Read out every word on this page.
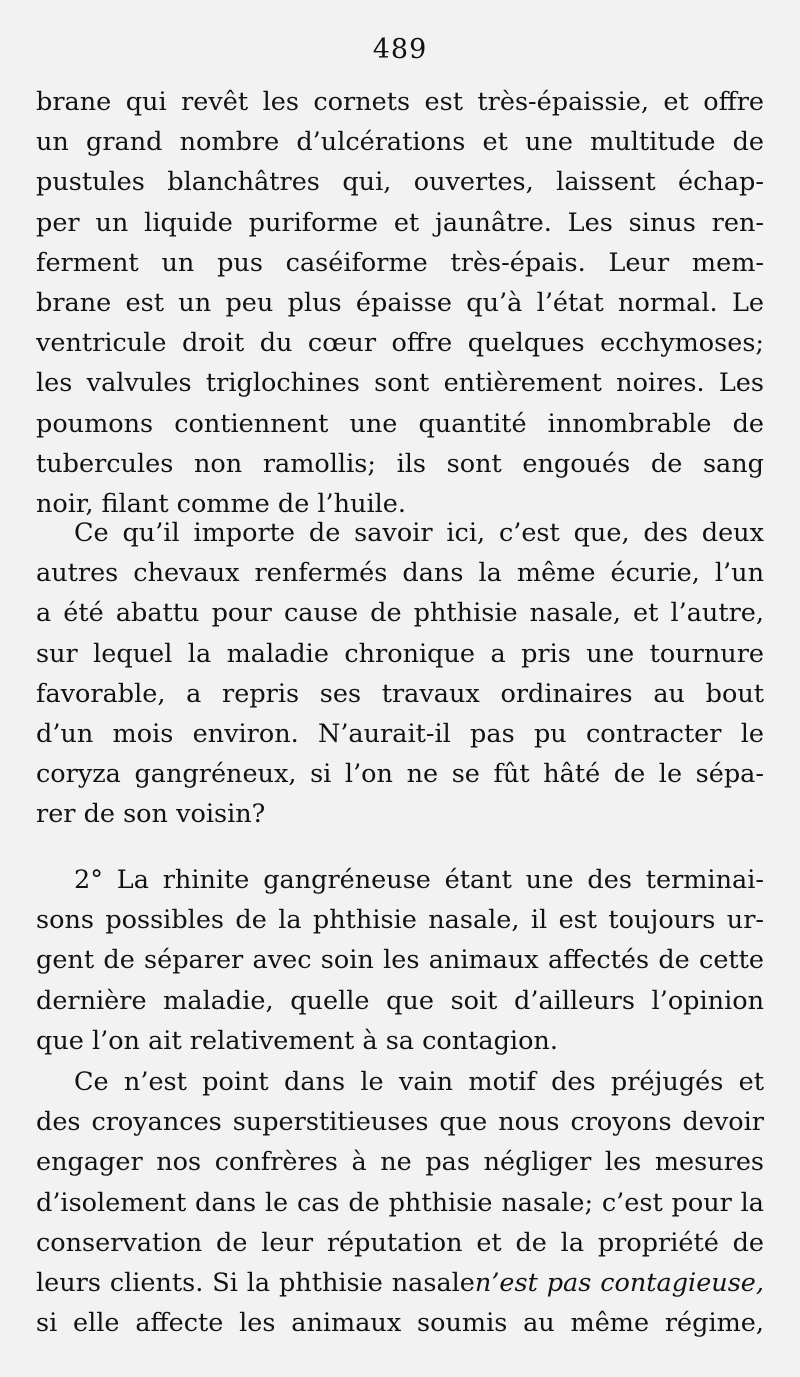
489
brane qui revêt les cornets est très-épaissie, et offre
un grand nombre d’ulcérations et une multitude de
pustules blanchâtres qui, ouvertes, laissent échap-
per un liquide puriforme et jaunâtre. Les sinus ren-
ferment un pus caséiforme très-épais. Leur mem-
brane est un peu plus épaisse qu’à l’état normal. Le
ventricule droit du cœur offre quelques ecchymoses;
les valvules triglochines sont entièrement noires. Les
poumons contiennent une quantité innombrable de
tubercules non ramollis; ils sont engoués de sang
noir, filant comme de l’huile.
Ce qu’il importe de savoir ici, c’est que, des deux
autres chevaux renfermés dans la même écurie, l’un
a été abattu pour cause de phthisie nasale, et l’autre,
sur lequel la maladie chronique a pris une tournure
favorable, a repris ses travaux ordinaires au bout
d’un mois environ. N’aurait-il pas pu contracter le
coryza gangréneux, si l’on ne se fût hâté de le sépa-
rer de son voisin?
2° La rhinite gangréneuse étant une des terminai-
sons possibles de la phthisie nasale, il est toujours ur-
gent de séparer avec soin les animaux affectés de cette
dernière maladie, quelle que soit d’ailleurs l’opinion
que l’on ait relativement à sa contagion.
Ce n’est point dans le vain motif des préjugés et
des croyances superstitieuses que nous croyons devoir
engager nos confrères à ne pas négliger les mesures
d’isolement dans le cas de phthisie nasale; c’est pour la
conservation de leur réputation et de la propriété de
leurs clients. Si la phthisie nasalen’est pas contagieuse,
si elle affecte les animaux soumis au même régime,
